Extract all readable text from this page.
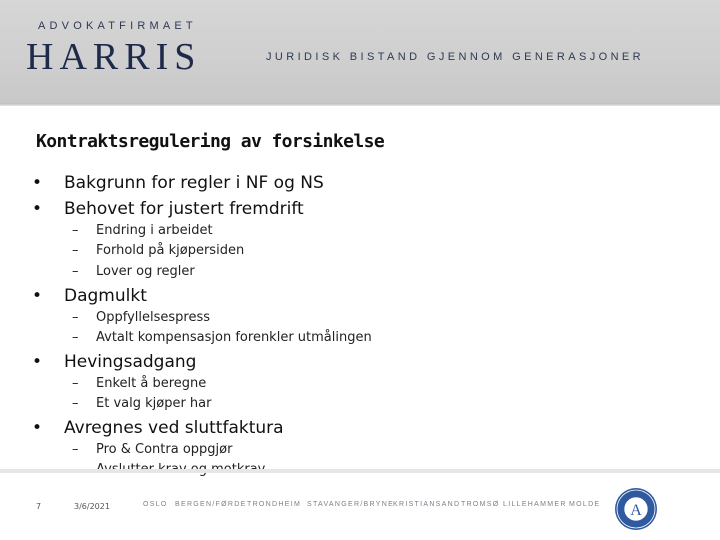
ADVOKATFIRMAET
HARRIS	JURIDISK BISTAND GJENNOM GENERASJONER
Kontraktsregulering av forsinkelse
• Bakgrunn for regler i NF og NS
• Behovet for justert fremdrift
– Endring i arbeidet
– Forhold på kjøpersiden
– Lover og regler
• Dagmulkt
– Oppfyllelsespress
– Avtalt kompensasjon forenkler utmålingen
• Hevingsadgang
– Enkelt å beregne
– Et valg kjøper har
• Avregnes ved sluttfaktura
– Pro & Contra oppgjør
7	3/6/2021	OSLO	BERGEN/FØRDE TRONDHEIM STAVANGER/BRYNE
KRISTIANSAND TROMSØ LILLEHAMMER MOLDE A
